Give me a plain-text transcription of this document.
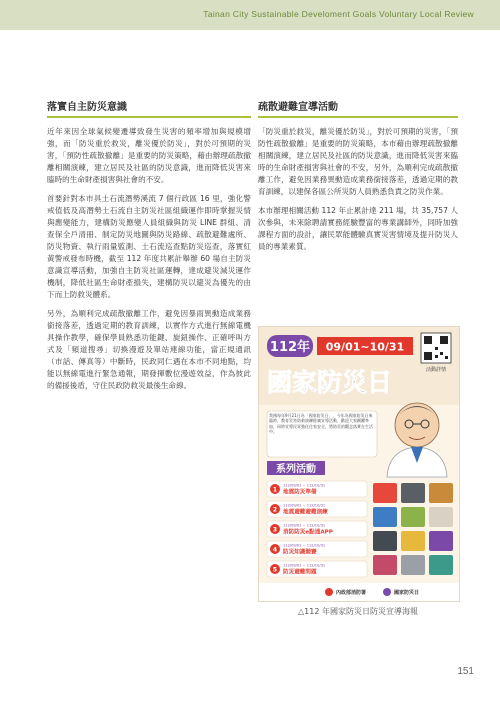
Tainan City Sustainable Develoment Goals Voluntary Local Review
落實自主防災意識

近年來因全球氣候變遷導致發生災害的頻率增加與規模增強，而「防災重於救災，離災優於防災」，對於可預期的災害，「預防性疏散撤離」是重要的防災策略，藉由辦理疏散撤離相關演練，建立居民及社區的防災意識，進而降低災害來臨時的生命財產損害與社會的不安。

首要針對本市具土石流潛勢溪流 7 個行政區 16 里，強化警戒值低及高潛勢土石流自主防災社區組織運作即時掌握災情與應變能力，建構防災應變人員組織與防災 LINE 群組、清查保全戶清冊、制定防災地圖與防災路線、疏散避難處所、防災物資、執行雨量監測、土石流巡查點防災巡查，落實紅黃警戒發布時機，截至 112 年度共累計舉辦 60 場自主防災意識宣導活動，加強自主防災社區運轉，達成避災減災運作機制，降低社區生命財產損失，建構防災以避災為優先的由下而上防救災體系。

另外，為順利完成疏散撤離工作，避免因暴雨異動造成業務銜接落差，透過定期的教育訓練，以實作方式進行無線電機具操作教學，確保學員熟悉功能鍵、旋鈕操作、正確呼叫方式及「頻道搜尋」切換漫遊及單站連線功能，當正規通訊（市話、傳真等）中斷時，民政同仁遇在本市不同地點，均能以無線電進行緊急通報，期發揮數位漫遊效益，作為彼此的備援後盾，守住民政防救災最後生命線。

疏散避難宣導活動

「防災重於救災，離災優於防災」，對於可預期的災害，「預防性疏散撤離」是重要的防災策略，本市藉由辦理疏散撤離相關演練，建立居民及社區的防災意識，進而降低災害來臨時的生命財產損害與社會的不安，另外，為順利完成疏散撤離工作，避免因業務異動造成業務銜接落差，透過定期的教育訓練，以建保各區公所災防人員熟悉負責之防災作業。

本市辦理相關活動 112 年止累計達 211 場，共 35,757 人次參與，未來除聘請實務經驗豐富的專業講師外，同時加強課程方面的設計，讓民眾能體驗真實災害情境及提升防災人員的專業素質。

112年 09/01~10/31
活動詳情
國家防災日
我國每年9月21日為「國家防災日」，今年為國家防災日來臨時，教育災害防救演練推廣宣導活動，歡迎大家踴躍參加，同時宣導民眾強化住家安全，將防災的觀念落實在生活中。
系列活動
1
112/09/01 ~ 112/10/31
地震防災準備
2
112/09/01 ~ 112/10/31
地震避難避難演練
3
112/09/01 ~ 112/10/31
消防防災e點通APP
4
112/09/01 ~ 112/10/31
防災知識競賽
5
112/09/01 ~ 112/10/31
防災避難問題
內政部消防署	國家防災日
△112 年國家防災日防災宣導海報
151
